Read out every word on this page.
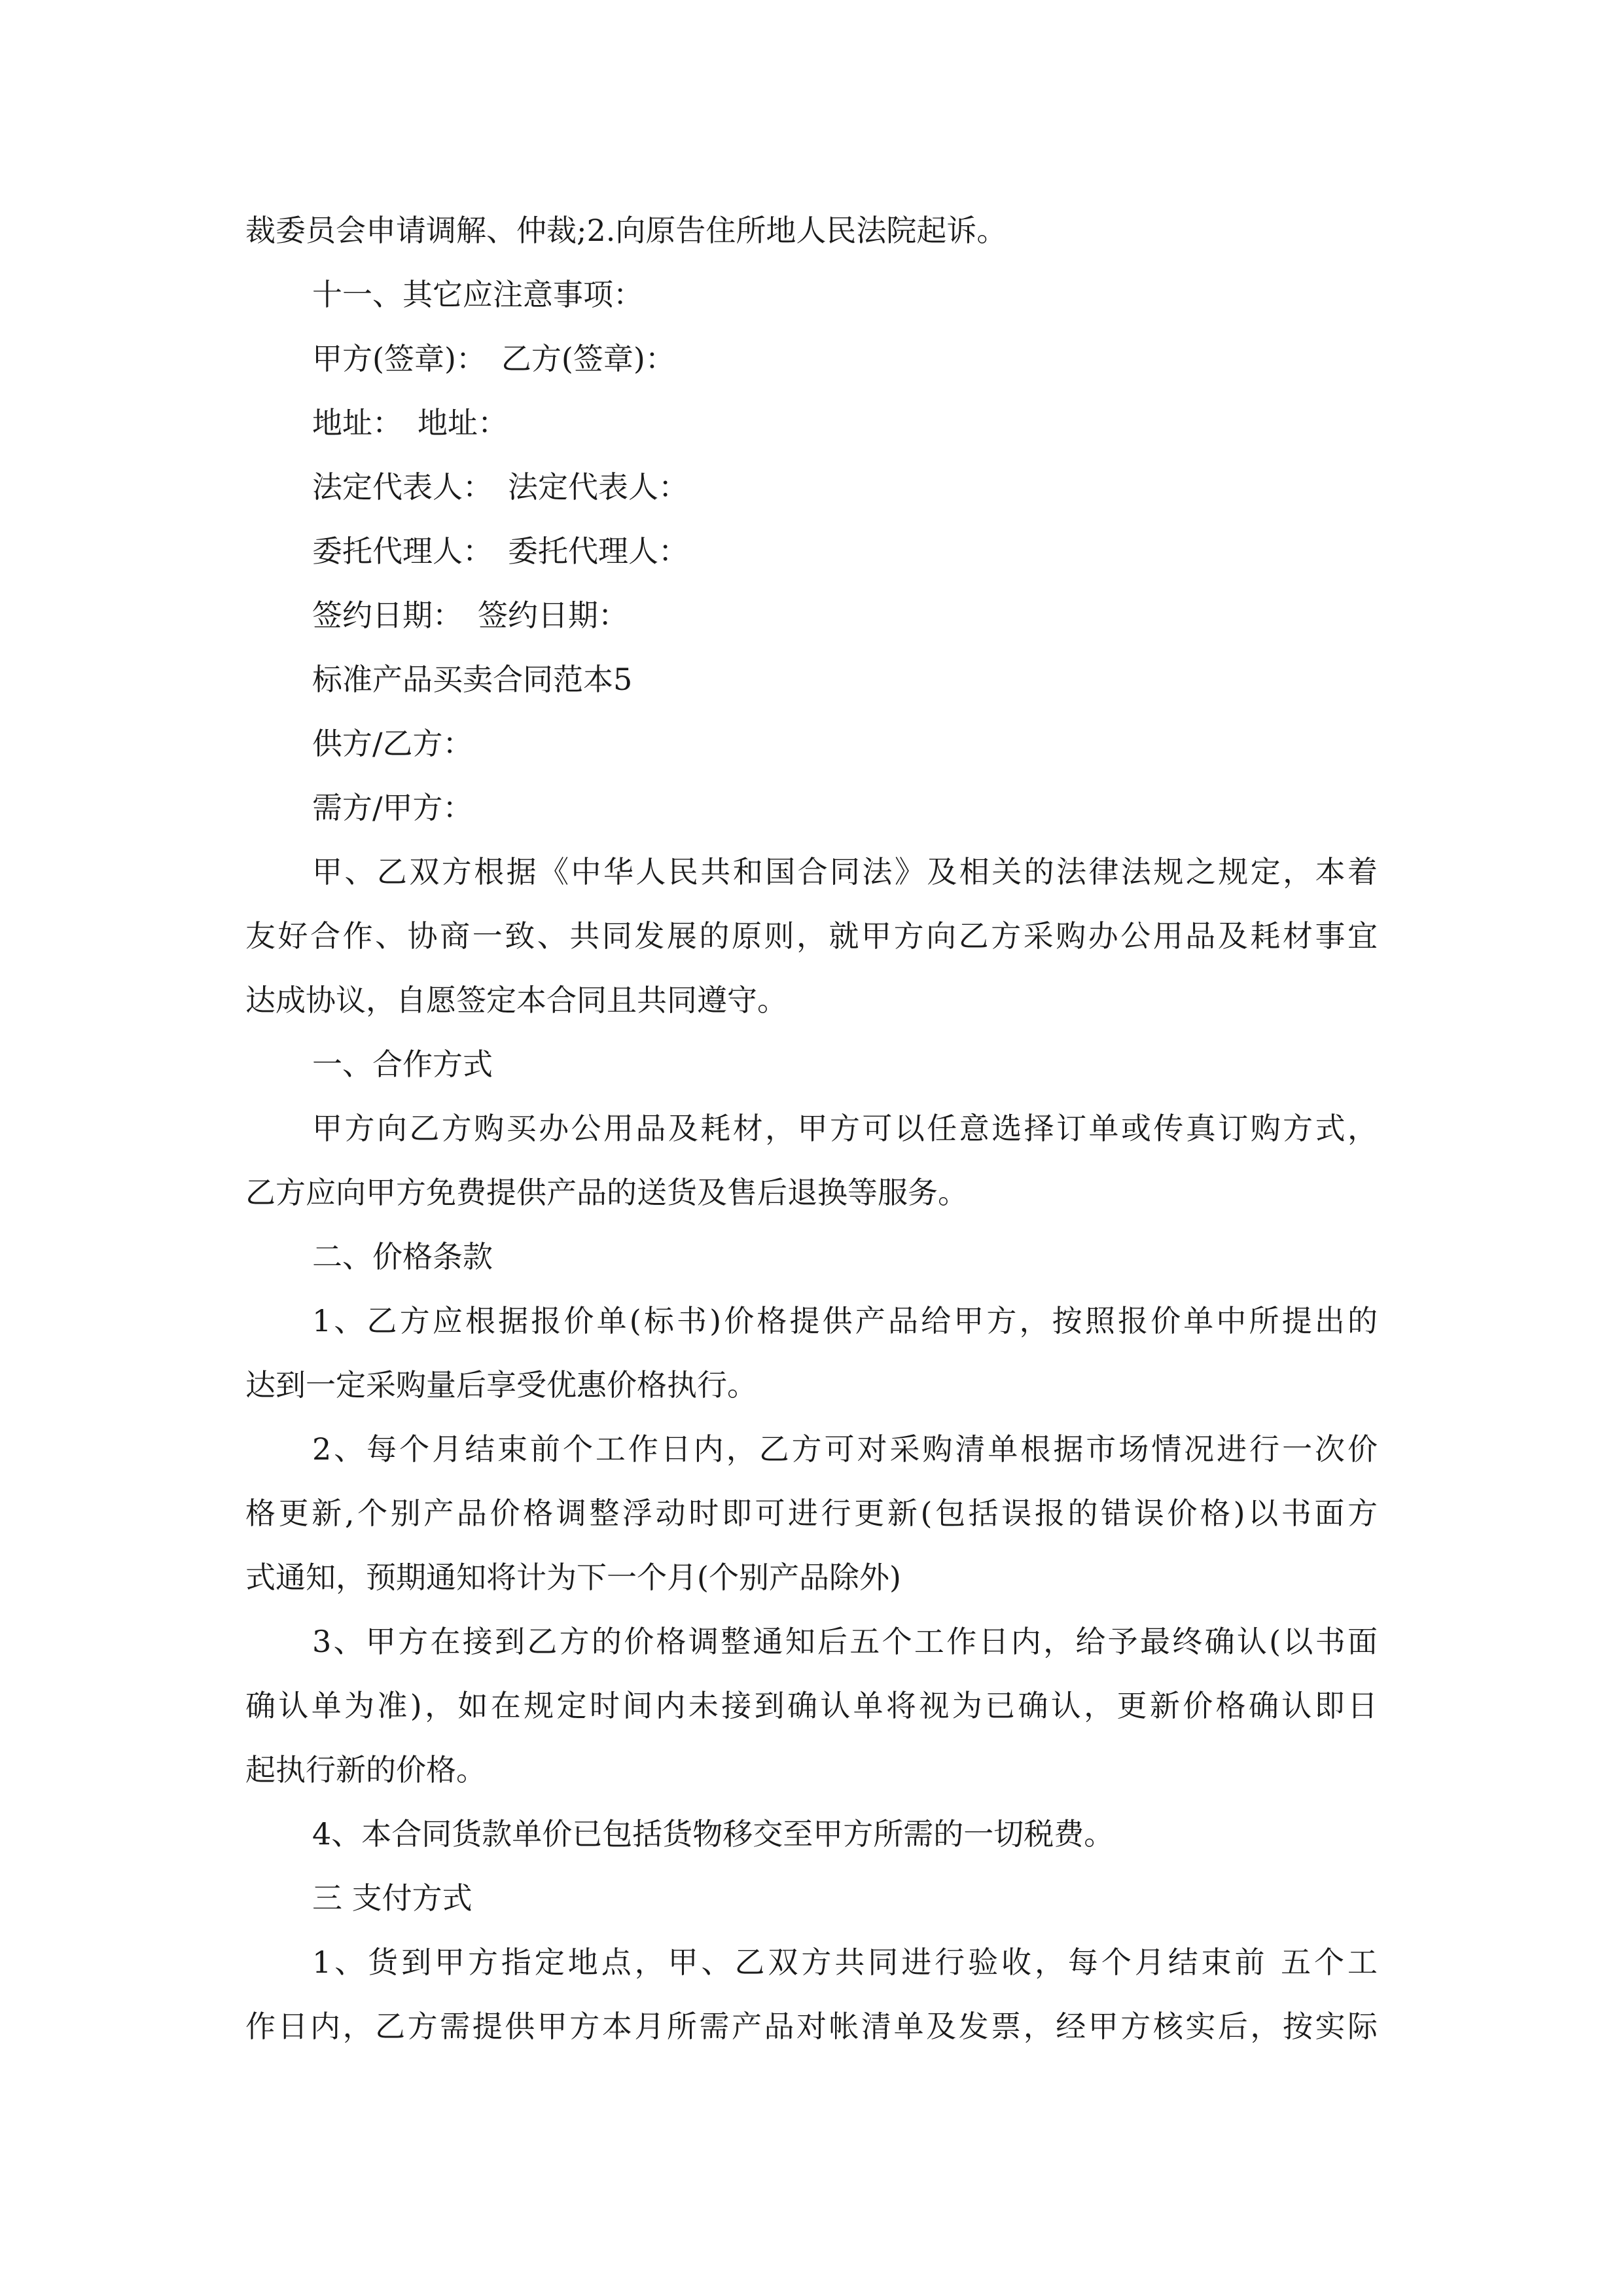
裁委员会申请调解、仲裁;2.向原告住所地人民法院起诉。
十一、其它应注意事项：
甲方(签章)：　乙方(签章)：
地址：　地址：
法定代表人：　法定代表人：
委托代理人：　委托代理人：
签约日期：　签约日期：
标准产品买卖合同范本5
供方/乙方：
需方/甲方：
甲、乙双方根据《中华人民共和国合同法》及相关的法律法规之规定，本着
友好合作、协商一致、共同发展的原则，就甲方向乙方采购办公用品及耗材事宜
达成协议，自愿签定本合同且共同遵守。
一、合作方式
甲方向乙方购买办公用品及耗材，甲方可以任意选择订单或传真订购方式，
乙方应向甲方免费提供产品的送货及售后退换等服务。
二、价格条款
1、乙方应根据报价单(标书)价格提供产品给甲方，按照报价单中所提出的
达到一定采购量后享受优惠价格执行。
2、每个月结束前个工作日内，乙方可对采购清单根据市场情况进行一次价
格更新,个别产品价格调整浮动时即可进行更新(包括误报的错误价格)以书面方
式通知，预期通知将计为下一个月(个别产品除外)
3、甲方在接到乙方的价格调整通知后五个工作日内，给予最终确认(以书面
确认单为准)，如在规定时间内未接到确认单将视为已确认，更新价格确认即日
起执行新的价格。
4、本合同货款单价已包括货物移交至甲方所需的一切税费。
三 支付方式
1、货到甲方指定地点，甲、乙双方共同进行验收，每个月结束前 五个工
作日内，乙方需提供甲方本月所需产品对帐清单及发票，经甲方核实后，按实际
